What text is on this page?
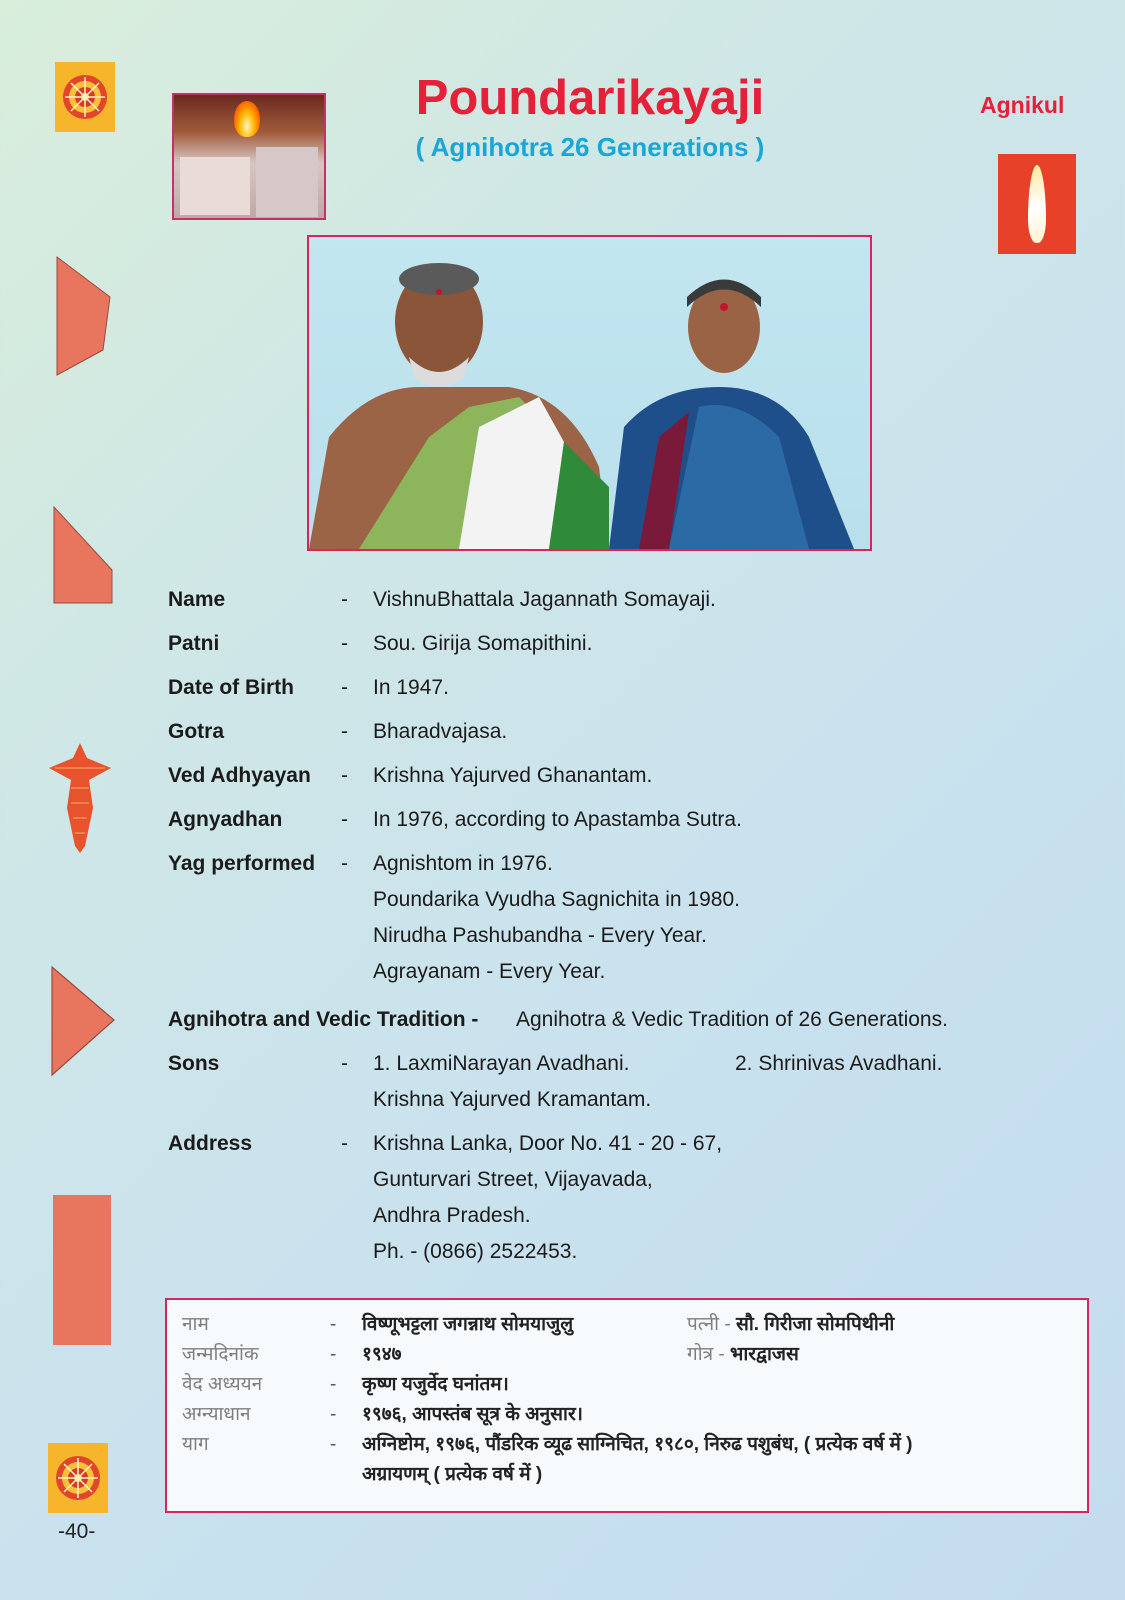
Poundarikayaji
( Agnihotra 26 Generations )
Agnikul
Name	- VishnuBhattala Jagannath Somayaji.
Patni	- Sou. Girija Somapithini.
Date of Birth	- In 1947.
Gotra	- Bharadvajasa.
Ved Adhyayan	- Krishna Yajurved Ghanantam.
Agnyadhan	- In 1976, according to Apastamba Sutra.
Yag performed	- Agnishtom in 1976.
Poundarika Vyudha Sagnichita in 1980.
Nirudha Pashubandha - Every Year.
Agrayanam - Every Year.
Agnihotra and Vedic Tradition - Agnihotra & Vedic Tradition of 26 Generations.
Sons	- 1. LaxmiNarayan Avadhani.	2. Shrinivas Avadhani.
Krishna Yajurved Kramantam.
Address	- Krishna Lanka, Door No. 41 - 20 - 67,
Gunturvari Street, Vijayavada,
Andhra Pradesh.
Ph. - (0866) 2522453.
नाम	- विष्णूभट्टला जगन्नाथ सोमयाजुलु	पत्नी - सौ. गिरीजा सोमपिथीनी
जन्मदिनांक	- १९४७	गोत्र - भारद्वाजस
वेद अध्ययन	- कृष्ण यजुर्वेद घनांतम।
अग्न्याधान	- १९७६, आपस्तंब सूत्र के अनुसार।
याग	- अग्निष्टोम, १९७६, पौंडरिक व्यूढ साग्निचित, १९८०, निरुढ पशुबंध, ( प्रत्येक वर्ष में )
अग्रायणम् ( प्रत्येक वर्ष में )
-40-
